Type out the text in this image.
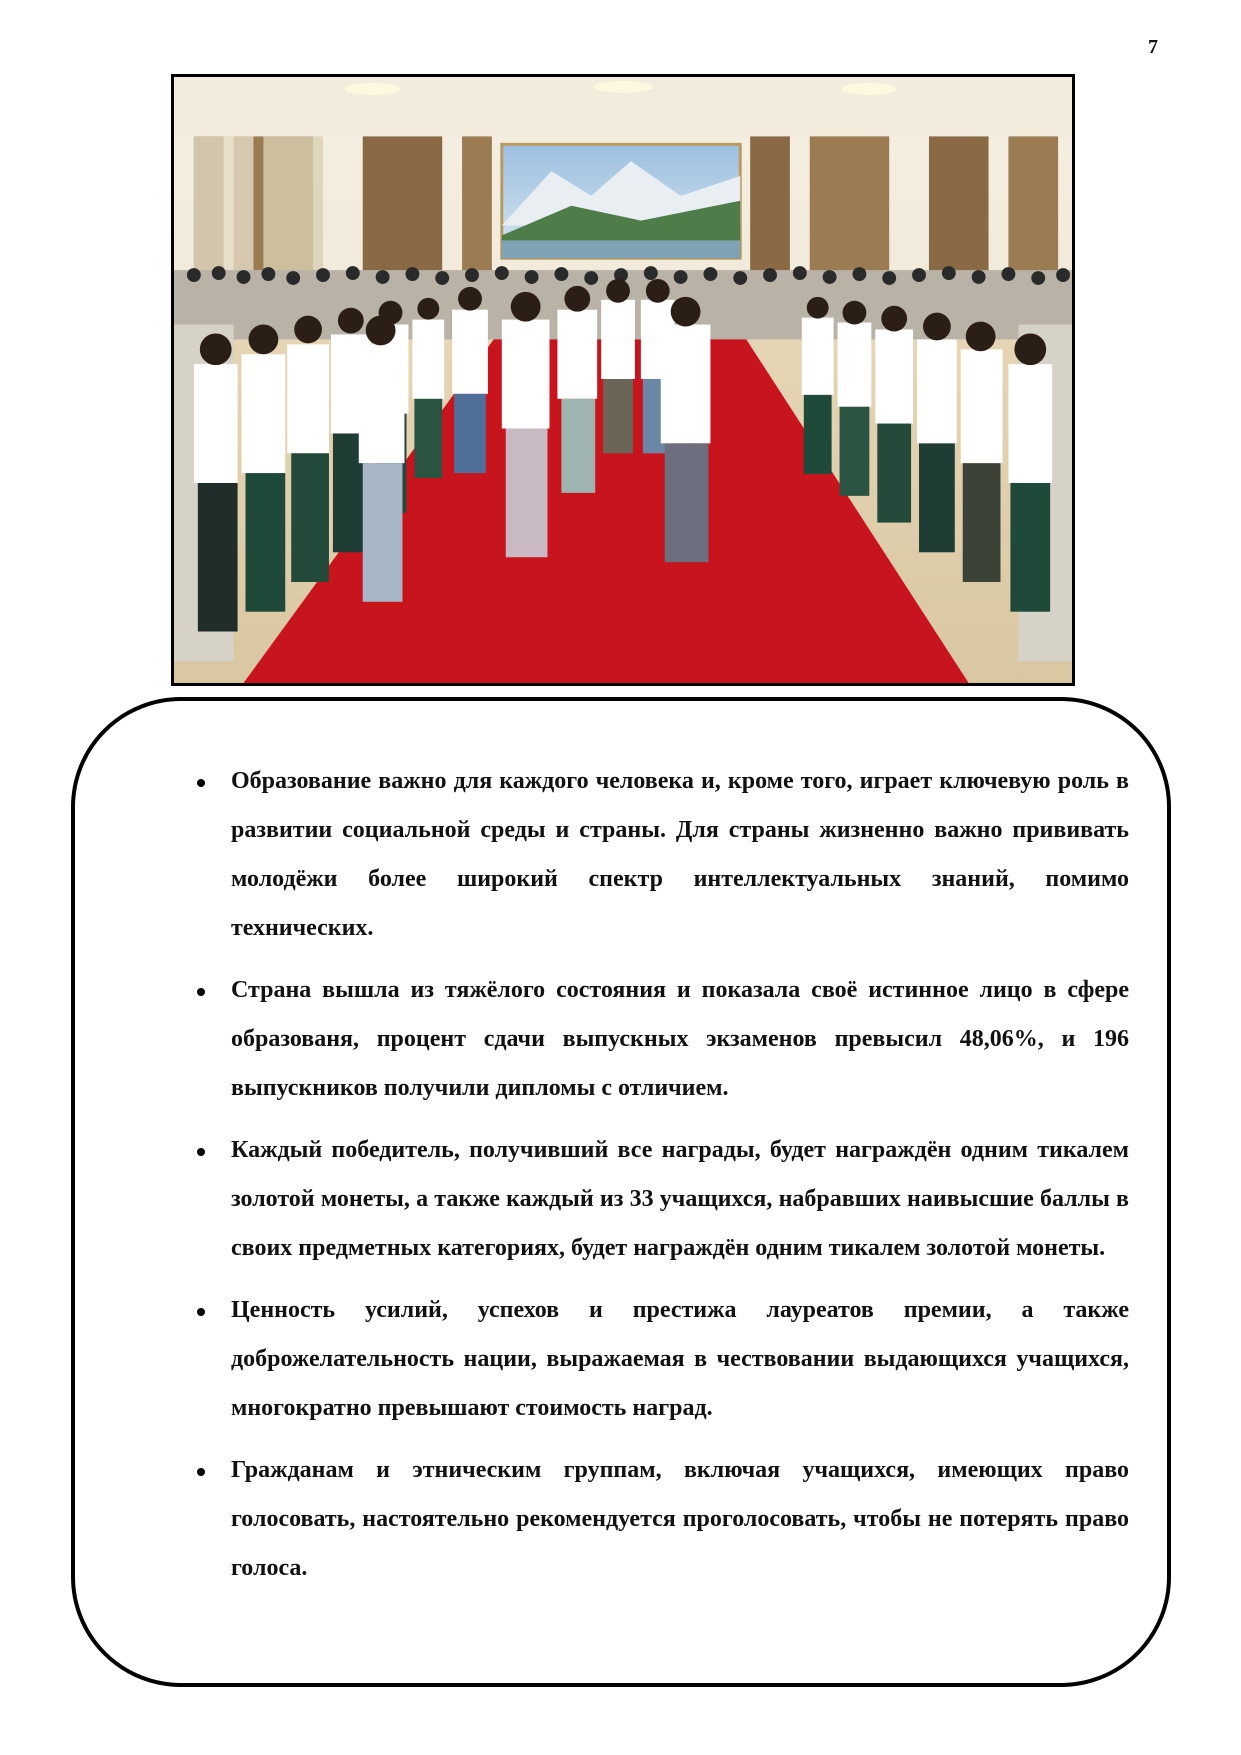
7
Образование важно для каждого человека и, кроме того, играет ключевую роль в развитии социальной среды и страны. Для страны жизненно важно прививать молодёжи более широкий спектр интеллектуальных знаний, помимо технических.
Страна вышла из тяжёлого состояния и показала своё истинное лицо в сфере образованя, процент сдачи выпускных экзаменов превысил 48,06%, и 196 выпускников получили дипломы с отличием.
Каждый победитель, получивший все награды, будет награждён одним тикалем золотой монеты, а также каждый из 33 учащихся, набравших наивысшие баллы в своих предметных категориях, будет награждён одним тикалем золотой монеты.
Ценность усилий, успехов и престижа лауреатов премии, а также доброжелательность нации, выражаемая в чествовании выдающихся учащихся, многократно превышают стоимость наград.
Гражданам и этническим группам, включая учащихся, имеющих право голосовать, настоятельно рекомендуется проголосовать, чтобы не потерять право голоса.
